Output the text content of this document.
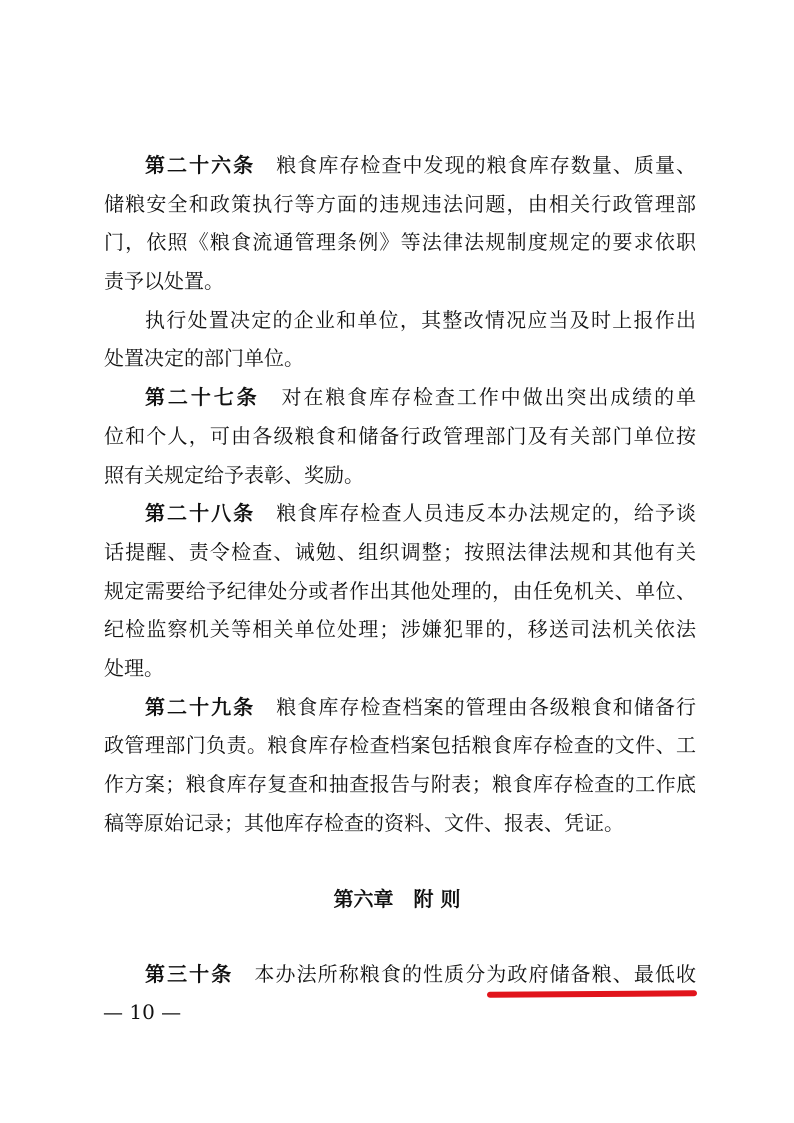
第二十六条 粮食库存检查中发现的粮食库存数量、质量、
储粮安全和政策执行等方面的违规违法问题，由相关行政管理部
门，依照《粮食流通管理条例》等法律法规制度规定的要求依职
责予以处置。
执行处置决定的企业和单位，其整改情况应当及时上报作出
处置决定的部门单位。
第二十七条 对在粮食库存检查工作中做出突出成绩的单
位和个人，可由各级粮食和储备行政管理部门及有关部门单位按
照有关规定给予表彰、奖励。
第二十八条 粮食库存检查人员违反本办法规定的，给予谈
话提醒、责令检查、诫勉、组织调整；按照法律法规和其他有关
规定需要给予纪律处分或者作出其他处理的，由任免机关、单位、
纪检监察机关等相关单位处理；涉嫌犯罪的，移送司法机关依法
处理。
第二十九条 粮食库存检查档案的管理由各级粮食和储备行
政管理部门负责。粮食库存检查档案包括粮食库存检查的文件、工
作方案；粮食库存复查和抽查报告与附表；粮食库存检查的工作底
稿等原始记录；其他库存检查的资料、文件、报表、凭证。
第六章 附 则
第三十条 本办法所称粮食的性质分为政府储备粮、最低收
— 10 —
